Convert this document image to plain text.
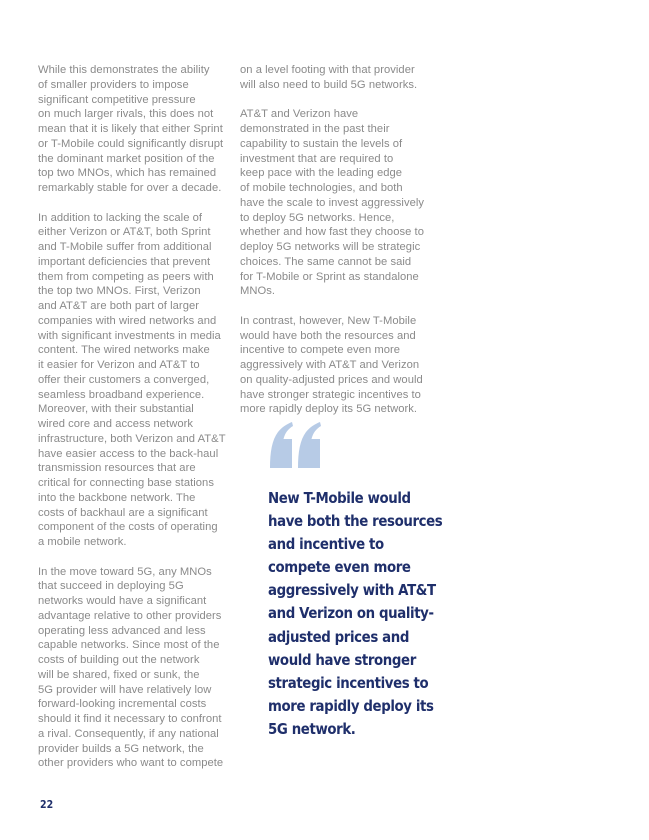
While this demonstrates the ability
of smaller providers to impose
significant competitive pressure
on much larger rivals, this does not
mean that it is likely that either Sprint
or T-Mobile could significantly disrupt
the dominant market position of the
top two MNOs, which has remained
remarkably stable for over a decade.

In addition to lacking the scale of
either Verizon or AT&T, both Sprint
and T-Mobile suffer from additional
important deficiencies that prevent
them from competing as peers with
the top two MNOs. First, Verizon
and AT&T are both part of larger
companies with wired networks and
with significant investments in media
content. The wired networks make
it easier for Verizon and AT&T to
offer their customers a converged,
seamless broadband experience.
Moreover, with their substantial
wired core and access network
infrastructure, both Verizon and AT&T
have easier access to the back-haul
transmission resources that are
critical for connecting base stations
into the backbone network. The
costs of backhaul are a significant
component of the costs of operating
a mobile network.

In the move toward 5G, any MNOs
that succeed in deploying 5G
networks would have a significant
advantage relative to other providers
operating less advanced and less
capable networks. Since most of the
costs of building out the network
will be shared, fixed or sunk, the
5G provider will have relatively low
forward-looking incremental costs
should it find it necessary to confront
a rival. Consequently, if any national
provider builds a 5G network, the
other providers who want to compete

on a level footing with that provider
will also need to build 5G networks.

AT&T and Verizon have
demonstrated in the past their
capability to sustain the levels of
investment that are required to
keep pace with the leading edge
of mobile technologies, and both
have the scale to invest aggressively
to deploy 5G networks. Hence,
whether and how fast they choose to
deploy 5G networks will be strategic
choices. The same cannot be said
for T-Mobile or Sprint as standalone
MNOs.

In contrast, however, New T-Mobile
would have both the resources and
incentive to compete even more
aggressively with AT&T and Verizon
on quality-adjusted prices and would
have stronger strategic incentives to
more rapidly deploy its 5G network.

New T-Mobile would
have both the resources
and incentive to
compete even more
aggressively with AT&T
and Verizon on quality-
adjusted prices and
would have stronger
strategic incentives to
more rapidly deploy its
5G network.
22
